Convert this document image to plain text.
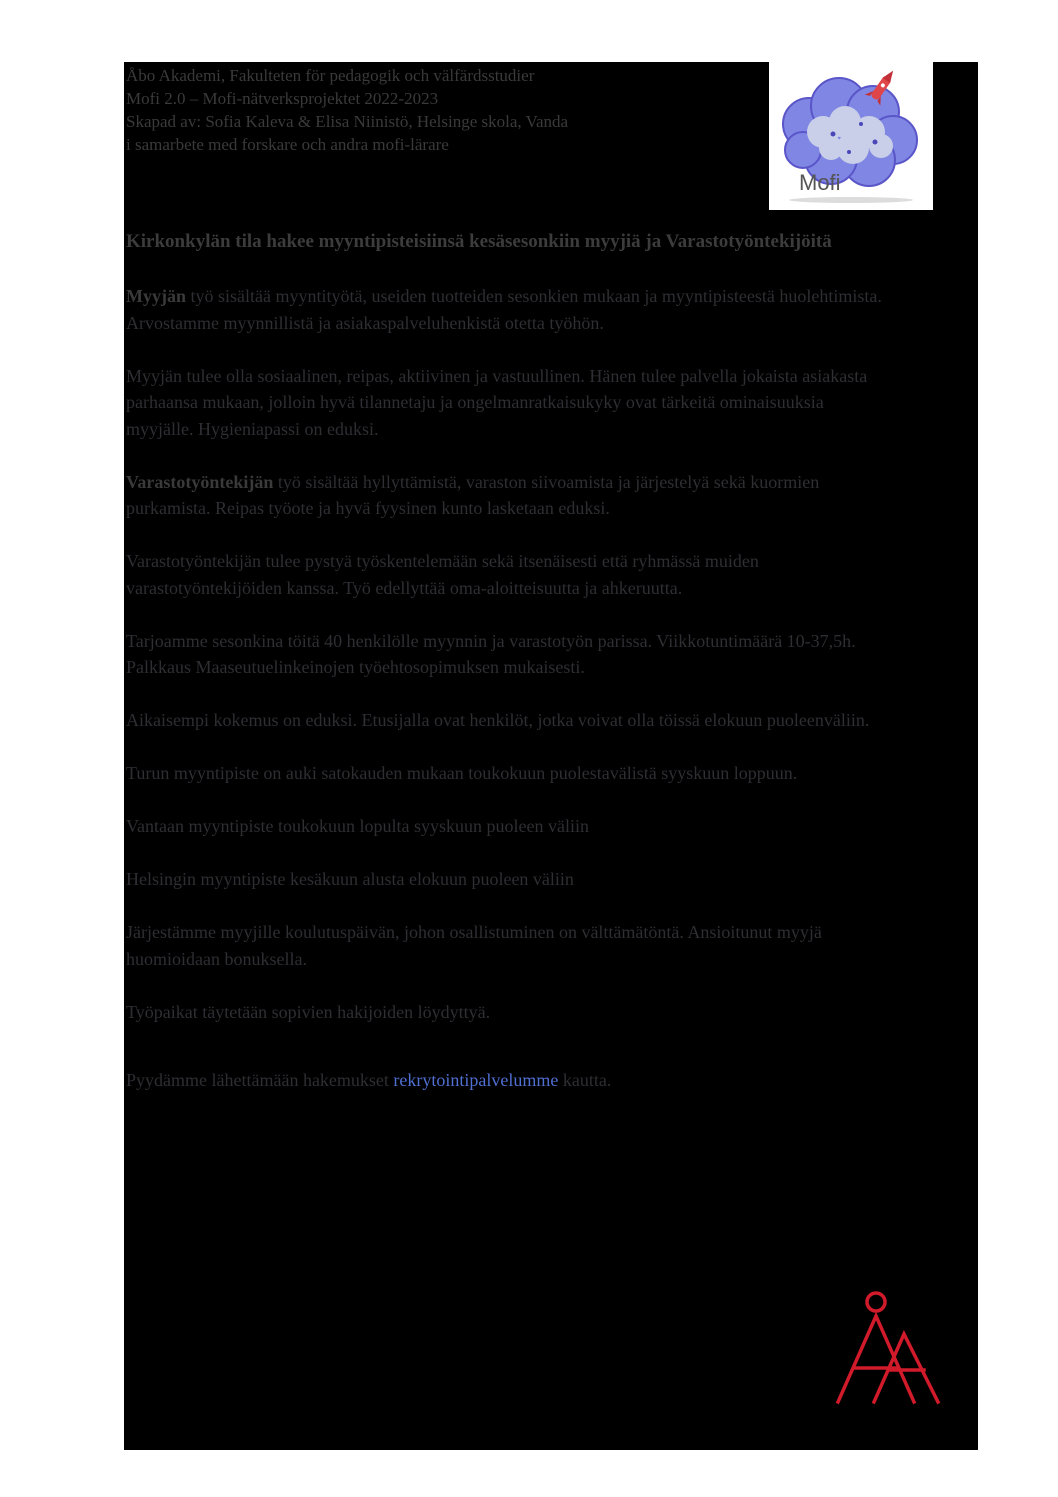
Åbo Akademi, Fakulteten för pedagogik och välfärdsstudier
Mofi 2.0 – Mofi-nätverksprojektet 2022-2023
Skapad av: Sofia Kaleva & Elisa Niinistö, Helsinge skola, Vanda
i samarbete med forskare och andra mofi-lärare
Mofi
Kirkonkylän tila hakee myyntipisteisiinsä kesäsesonkiin myyjiä ja Varastotyöntekijöitä

Myyjän työ sisältää myyntityötä, useiden tuotteiden sesonkien mukaan ja myyntipisteestä huolehtimista. Arvostamme myynnillistä ja asiakaspalveluhenkistä otetta työhön.

Myyjän tulee olla sosiaalinen, reipas, aktiivinen ja vastuullinen. Hänen tulee palvella jokaista asiakasta parhaansa mukaan, jolloin hyvä tilannetaju ja ongelmanratkaisukyky ovat tärkeitä ominaisuuksia myyjälle. Hygieniapassi on eduksi.

Varastotyöntekijän työ sisältää hyllyttämistä, varaston siivoamista ja järjestelyä sekä kuormien purkamista. Reipas työote ja hyvä fyysinen kunto lasketaan eduksi.

Varastotyöntekijän tulee pystyä työskentelemään sekä itsenäisesti että ryhmässä muiden varastotyöntekijöiden kanssa. Työ edellyttää oma-aloitteisuutta ja ahkeruutta.

Tarjoamme sesonkina töitä 40 henkilölle myynnin ja varastotyön parissa. Viikkotuntimäärä 10-37,5h. Palkkaus Maaseutuelinkeinojen työehtosopimuksen mukaisesti.

Aikaisempi kokemus on eduksi. Etusijalla ovat henkilöt, jotka voivat olla töissä elokuun puoleenväliin.

Turun myyntipiste on auki satokauden mukaan toukokuun puolestavälistä syyskuun loppuun.

Vantaan myyntipiste toukokuun lopulta syyskuun puoleen väliin

Helsingin myyntipiste kesäkuun alusta elokuun puoleen väliin

Järjestämme myyjille koulutuspäivän, johon osallistuminen on välttämätöntä. Ansioitunut myyjä huomioidaan bonuksella.

Työpaikat täytetään sopivien hakijoiden löydyttyä.

Pyydämme lähettämään hakemukset rekrytointipalvelumme kautta.
